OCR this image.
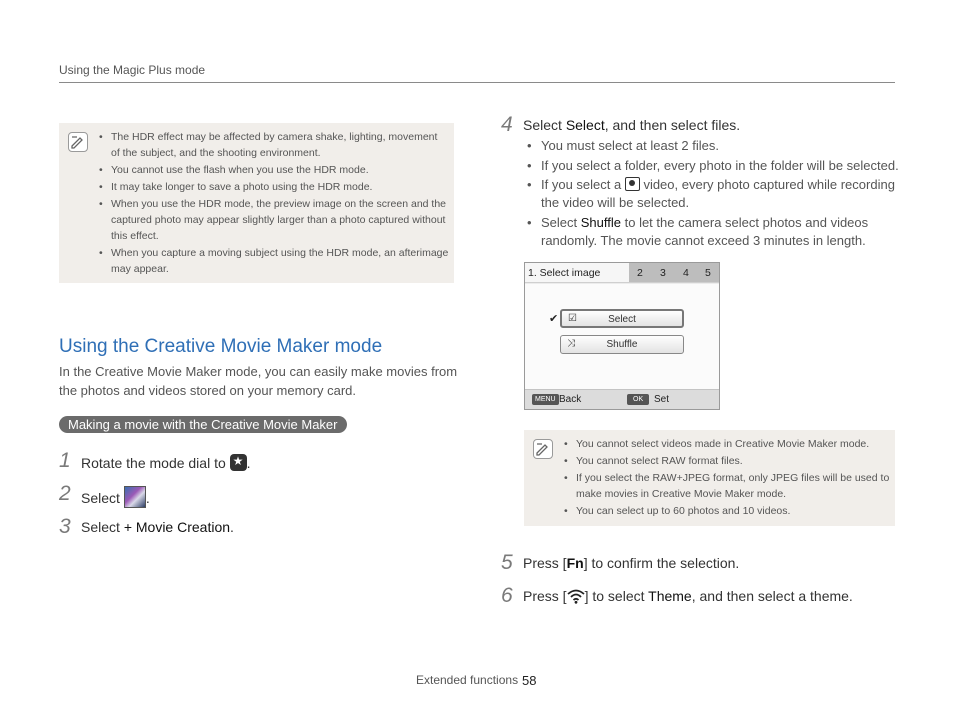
Using the Magic Plus mode
• The HDR effect may be affected by camera shake, lighting, movement of the subject, and the shooting environment.
• You cannot use the flash when you use the HDR mode.
• It may take longer to save a photo using the HDR mode.
• When you use the HDR mode, the preview image on the screen and the captured photo may appear slightly larger than a photo captured without this effect.
• When you capture a moving subject using the HDR mode, an afterimage may appear.
Using the Creative Movie Maker mode
In the Creative Movie Maker mode, you can easily make movies from the photos and videos stored on your memory card.
Making a movie with the Creative Movie Maker
1 Rotate the mode dial to ★.
2 Select .
3 Select + Movie Creation.
4 Select Select, and then select files.
• You must select at least 2 files.
• If you select a folder, every photo in the folder will be selected.
• If you select a  video, every photo captured while recording the video will be selected.
• Select Shuffle to let the camera select photos and videos randomly. The movie cannot exceed 3 minutes in length.
1. Select image	2 3 4 5
✔ ☑	Select
⤨	Shuffle
MENU Back	OK	Set
• You cannot select videos made in Creative Movie Maker mode.
• You cannot select RAW format files.
• If you select the RAW+JPEG format, only JPEG files will be used to make movies in Creative Movie Maker mode.
• You can select up to 60 photos and 10 videos.
5 Press [Fn] to confirm the selection.
6 Press [ ] to select Theme, and then select a theme.
Extended functions 58
